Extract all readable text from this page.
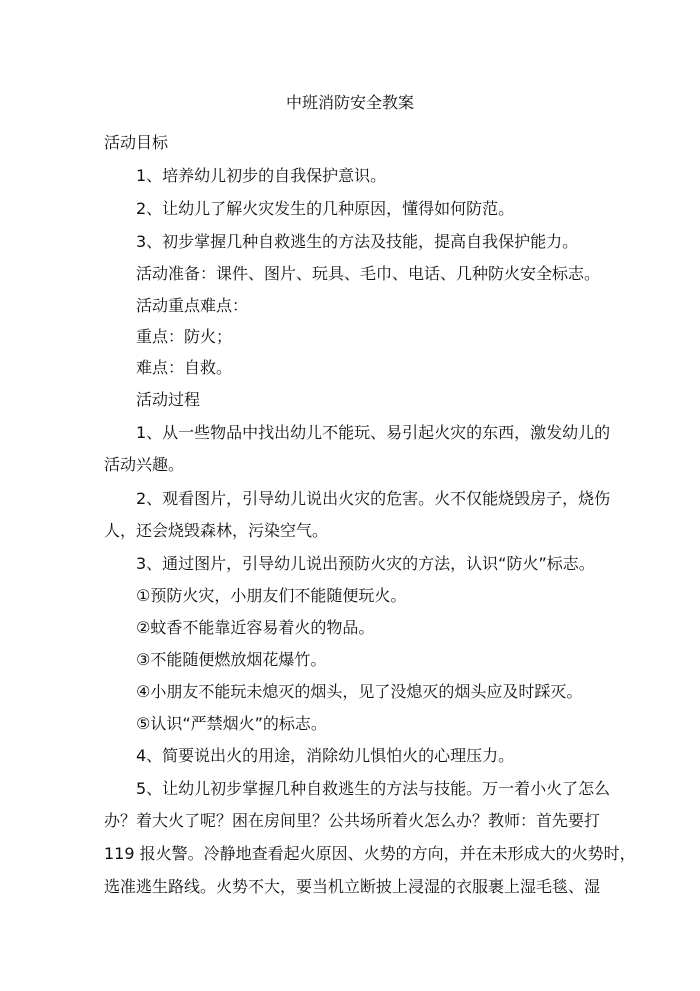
中班消防安全教案
活动目标
1、培养幼儿初步的自我保护意识。
2、让幼儿了解火灾发生的几种原因，懂得如何防范。
3、初步掌握几种自救逃生的方法及技能，提高自我保护能力。
活动准备：课件、图片、玩具、毛巾、电话、几种防火安全标志。
活动重点难点：
重点：防火；
难点：自救。
活动过程
1、从一些物品中找出幼儿不能玩、易引起火灾的东西，激发幼儿的
活动兴趣。
2、观看图片，引导幼儿说出火灾的危害。火不仅能烧毁房子，烧伤
人，还会烧毁森林，污染空气。
3、通过图片，引导幼儿说出预防火灾的方法，认识“防火”标志。
①预防火灾，小朋友们不能随便玩火。
②蚊香不能靠近容易着火的物品。
③不能随便燃放烟花爆竹。
④小朋友不能玩未熄灭的烟头，见了没熄灭的烟头应及时踩灭。
⑤认识“严禁烟火”的标志。
4、简要说出火的用途，消除幼儿惧怕火的心理压力。
5、让幼儿初步掌握几种自救逃生的方法与技能。万一着小火了怎么
办？着大火了呢？困在房间里？公共场所着火怎么办？教师：首先要打
119 报火警。冷静地查看起火原因、火势的方向，并在未形成大的火势时，
选准逃生路线。火势不大，要当机立断披上浸湿的衣服裹上湿毛毯、湿
